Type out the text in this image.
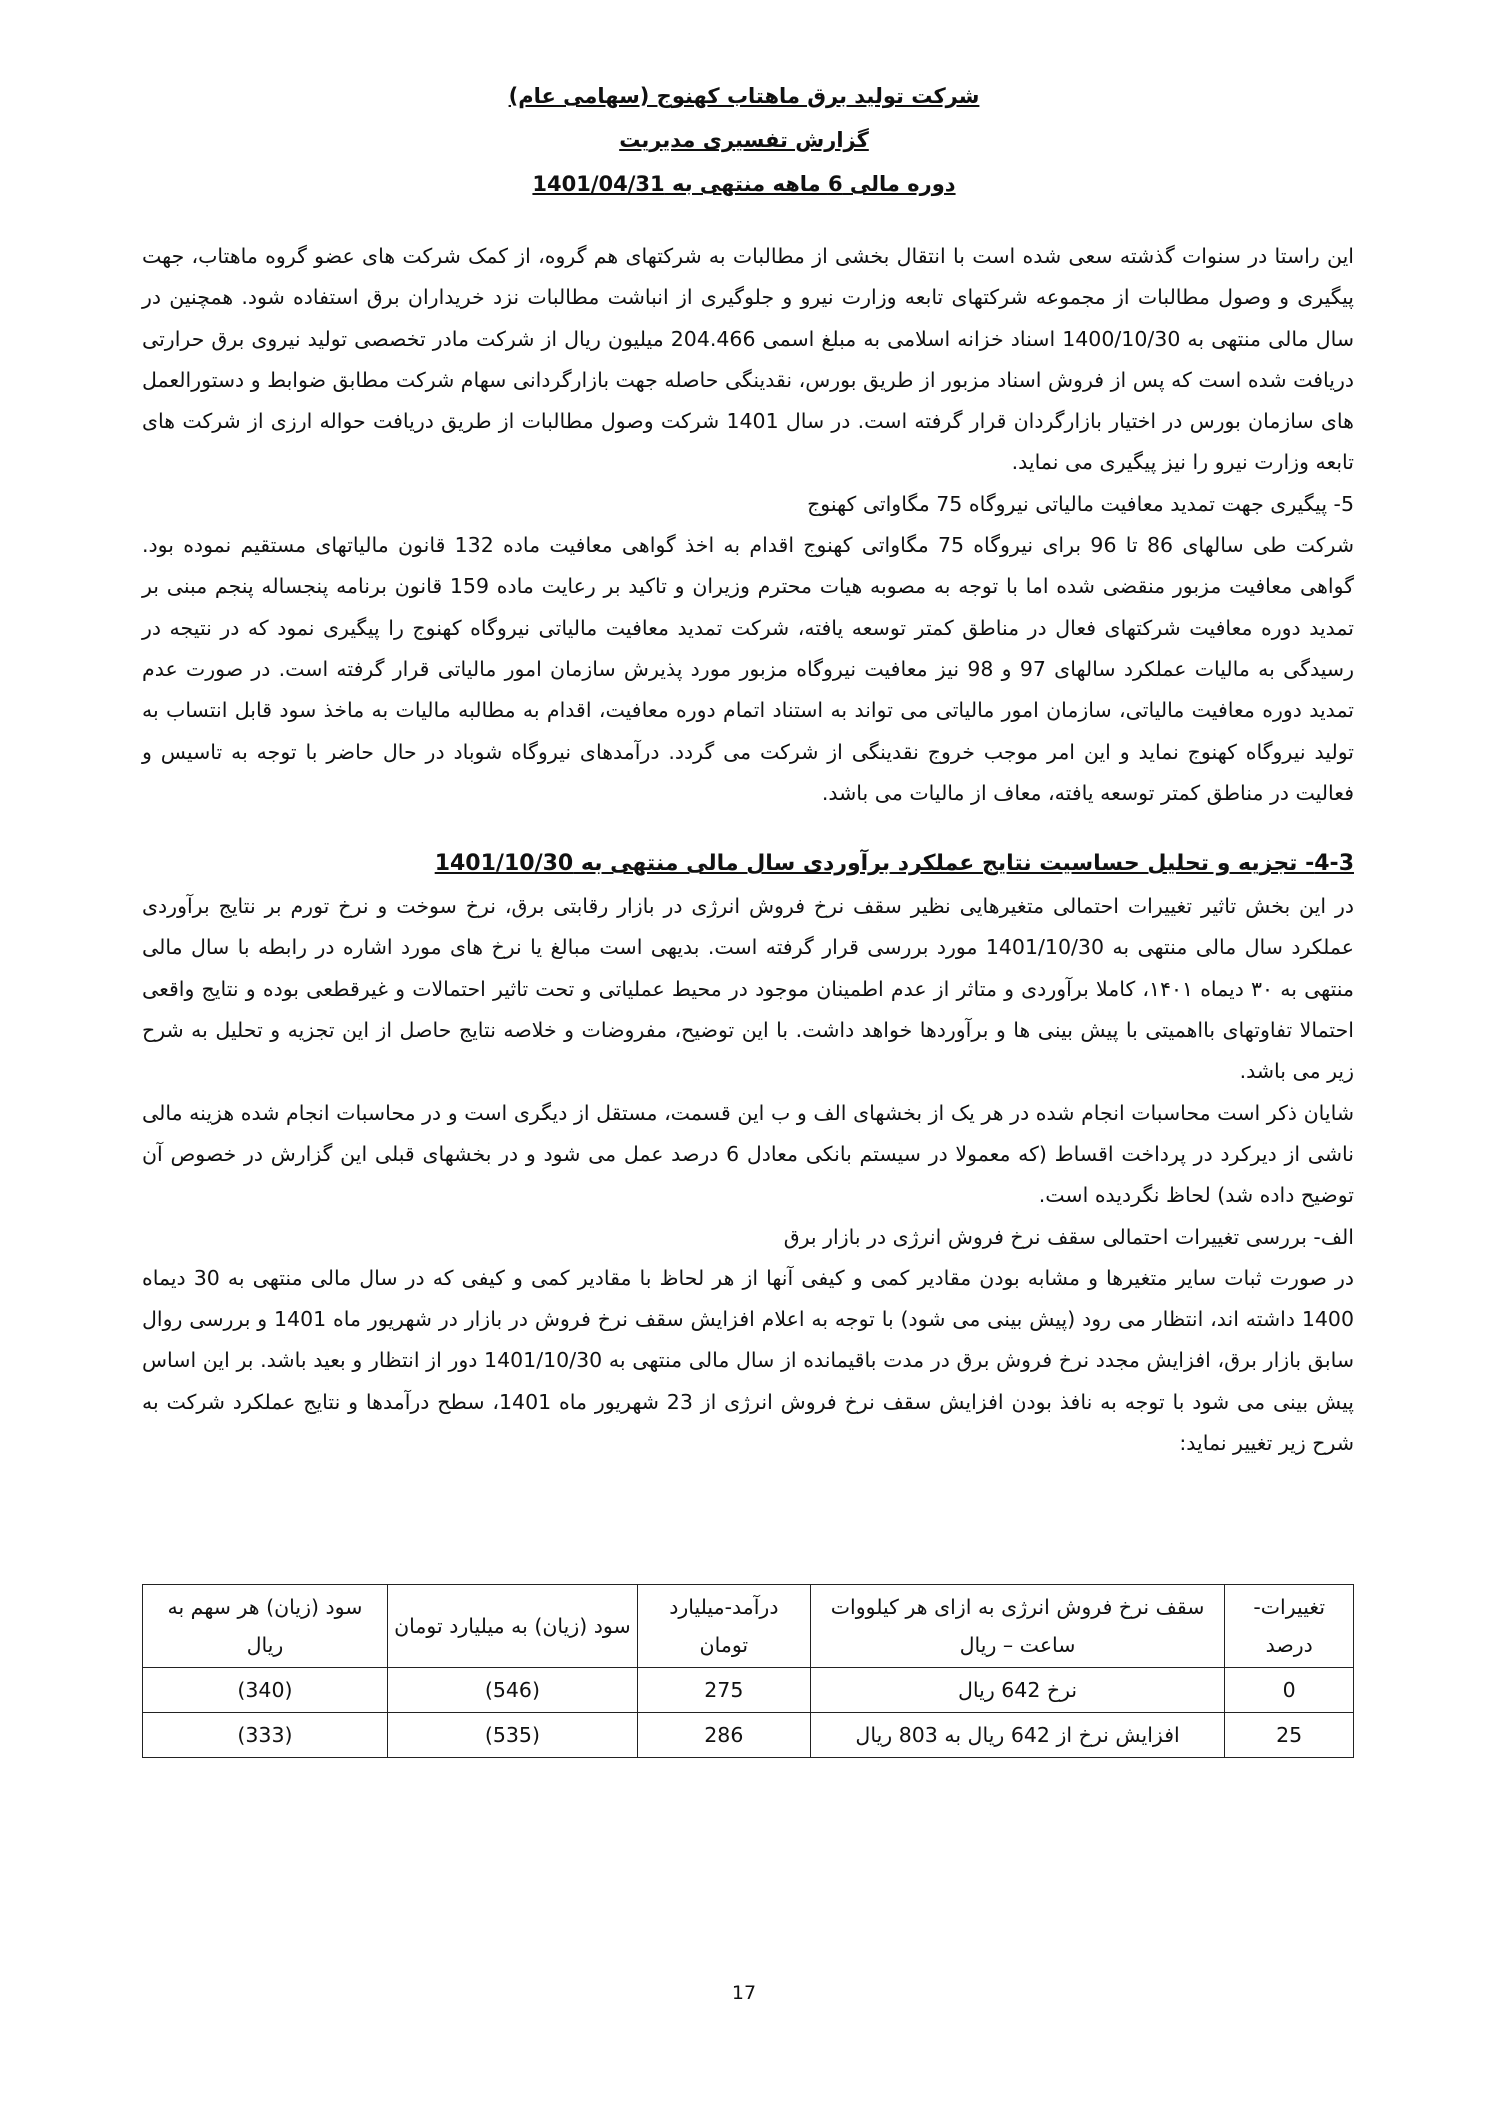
شرکت تولید برق ماهتاب کهنوج (سهامی عام)

گزارش تفسیری مدیریت

دوره مالی 6 ماهه منتهی به 1401/04/31

این راستا در سنوات گذشته سعی شده است با انتقال بخشی از مطالبات به شرکتهای هم گروه، از کمک شرکت های عضو گروه ماهتاب، جهت پیگیری و وصول مطالبات از مجموعه شرکتهای تابعه وزارت نیرو و جلوگیری از انباشت مطالبات نزد خریداران برق استفاده شود. همچنین در سال مالی منتهی به 1400/10/30 اسناد خزانه اسلامی به مبلغ اسمی 204.466 میلیون ریال از شرکت مادر تخصصی تولید نیروی برق حرارتی دریافت شده است که پس از فروش اسناد مزبور از طریق بورس، نقدینگی حاصله جهت بازارگردانی سهام شرکت مطابق ضوابط و دستورالعمل های سازمان بورس در اختیار بازارگردان قرار گرفته است. در سال 1401 شرکت وصول مطالبات از طریق دریافت حواله ارزی از شرکت های تابعه وزارت نیرو را نیز پیگیری می نماید.

5- پیگیری جهت تمدید معافیت مالیاتی نیروگاه 75 مگاواتی کهنوج

شرکت طی سالهای 86 تا 96 برای نیروگاه 75 مگاواتی کهنوج اقدام به اخذ گواهی معافیت ماده 132 قانون مالیاتهای مستقیم نموده بود. گواهی معافیت مزبور منقضی شده اما با توجه به مصوبه هیات محترم وزیران و تاکید بر رعایت ماده 159 قانون برنامه پنجساله پنجم مبنی بر تمدید دوره معافیت شرکتهای فعال در مناطق کمتر توسعه یافته، شرکت تمدید معافیت مالیاتی نیروگاه کهنوج را پیگیری نمود که در نتیجه در رسیدگی به مالیات عملکرد سالهای 97 و 98 نیز معافیت نیروگاه مزبور مورد پذیرش سازمان امور مالیاتی قرار گرفته است. در صورت عدم تمدید دوره معافیت مالیاتی، سازمان امور مالیاتی می تواند به استناد اتمام دوره معافیت، اقدام به مطالبه مالیات به ماخذ سود قابل انتساب به تولید نیروگاه کهنوج نماید و این امر موجب خروج نقدینگی از شرکت می گردد. درآمدهای نیروگاه شوباد در حال حاضر با توجه به تاسیس و فعالیت در مناطق کمتر توسعه یافته، معاف از مالیات می باشد.

4-3- تجزیه و تحلیل حساسیت نتایج عملکرد برآوردی سال مالی منتهی به 1401/10/30

در این بخش تاثیر تغییرات احتمالی متغیرهایی نظیر سقف نرخ فروش انرژی در بازار رقابتی برق، نرخ سوخت و نرخ تورم بر نتایج برآوردی عملکرد سال مالی منتهی به 1401/10/30 مورد بررسی قرار گرفته است. بدیهی است مبالغ یا نرخ های مورد اشاره در رابطه با سال مالی منتهی به ۳۰ دیماه ۱۴۰۱، کاملا برآوردی و متاثر از عدم اطمینان موجود در محیط عملیاتی و تحت تاثیر احتمالات و غیرقطعی بوده و نتایج واقعی احتمالا تفاوتهای بااهمیتی با پیش بینی ها و برآوردها خواهد داشت. با این توضیح، مفروضات و خلاصه نتایج حاصل از این تجزیه و تحلیل به شرح زیر می باشد.

شایان ذکر است محاسبات انجام شده در هر یک از بخشهای الف و ب این قسمت، مستقل از دیگری است و در محاسبات انجام شده هزینه مالی ناشی از دیرکرد در پرداخت اقساط (که معمولا در سیستم بانکی معادل 6 درصد عمل می شود و در بخشهای قبلی این گزارش در خصوص آن توضیح داده شد) لحاظ نگردیده است.

الف- بررسی تغییرات احتمالی سقف نرخ فروش انرژی در بازار برق

در صورت ثبات سایر متغیرها و مشابه بودن مقادیر کمی و کیفی آنها از هر لحاظ با مقادیر کمی و کیفی که در سال مالی منتهی به 30 دیماه 1400 داشته اند، انتظار می رود (پیش بینی می شود) با توجه به اعلام افزایش سقف نرخ فروش در بازار در شهریور ماه 1401 و بررسی روال سابق بازار برق، افزایش مجدد نرخ فروش برق در مدت باقیمانده از سال مالی منتهی به 1401/10/30 دور از انتظار و بعید باشد. بر این اساس پیش بینی می شود با توجه به نافذ بودن افزایش سقف نرخ فروش انرژی از 23 شهریور ماه 1401، سطح درآمدها و نتایج عملکرد شرکت به شرح زیر تغییر نماید:

تغییرات- درصد	سقف نرخ فروش انرژی به ازای هر کیلووات ساعت – ریال	درآمد-میلیارد تومان	سود (زیان) به میلیارد تومان	سود (زیان) هر سهم به ریال
0	نرخ 642 ریال	275	(546)	(340)
25	افزایش نرخ از 642 ریال به 803 ریال	286	(535)	(333)
17
